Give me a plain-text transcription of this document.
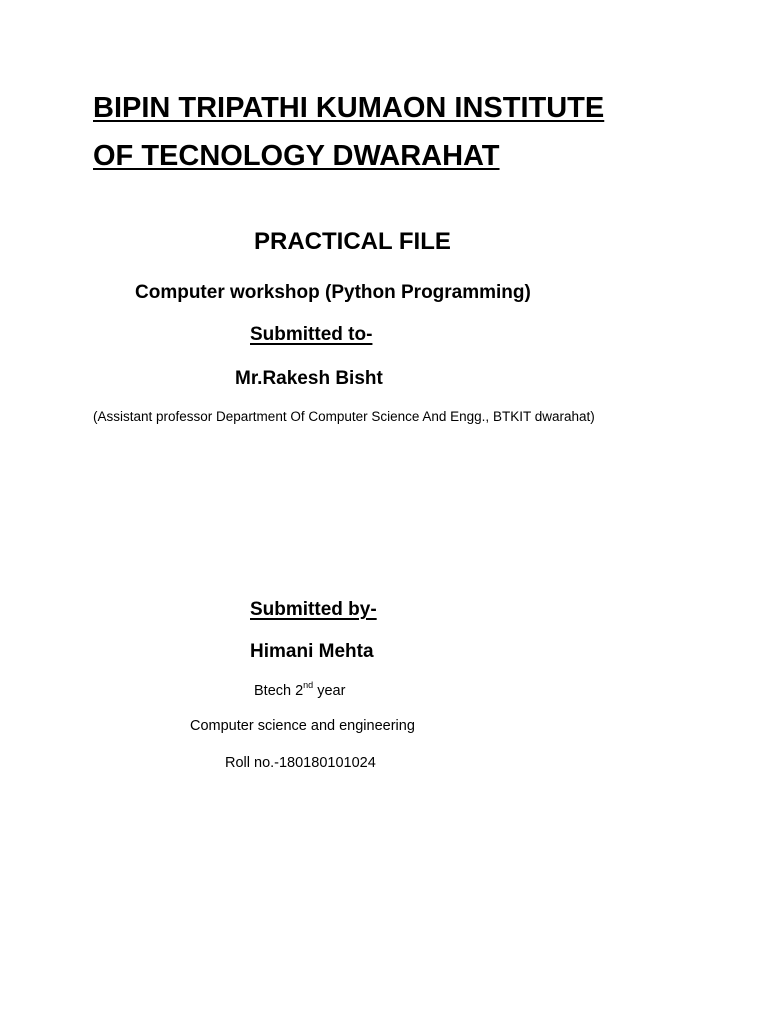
BIPIN TRIPATHI KUMAON INSTITUTE
OF TECNOLOGY DWARAHAT
PRACTICAL FILE
Computer workshop (Python Programming)
Submitted to-
Mr.Rakesh Bisht
(Assistant professor Department Of Computer Science And Engg., BTKIT dwarahat)
Submitted by-
Himani Mehta
Btech 2nd year
Computer science and engineering
Roll no.-180180101024
